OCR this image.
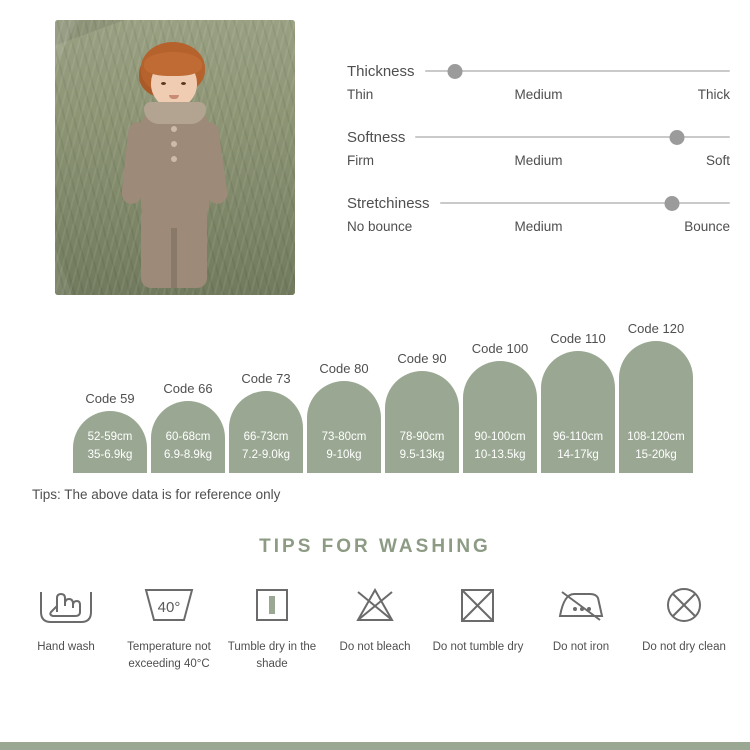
Thickness
Thin	Medium	Thick
Softness
Firm	Medium	Soft
Stretchiness
No bounce	Medium	Bounce
Code 59
52-59cm
35-6.9kg
Code 66
60-68cm
6.9-8.9kg
Code 73
66-73cm
7.2-9.0kg
Code 80
73-80cm
9-10kg
Code 90
78-90cm
9.5-13kg
Code 100
90-100cm
10-13.5kg
Code 110
96-110cm
14-17kg
Code 120
108-120cm
15-20kg
Tips: The above data is for reference only
TIPS FOR WASHING
Hand wash
40°
Temperature not exceeding 40°C
Tumble dry in the shade
Do not bleach	Do not tumble dry	Do not iron	Do not dry clean
